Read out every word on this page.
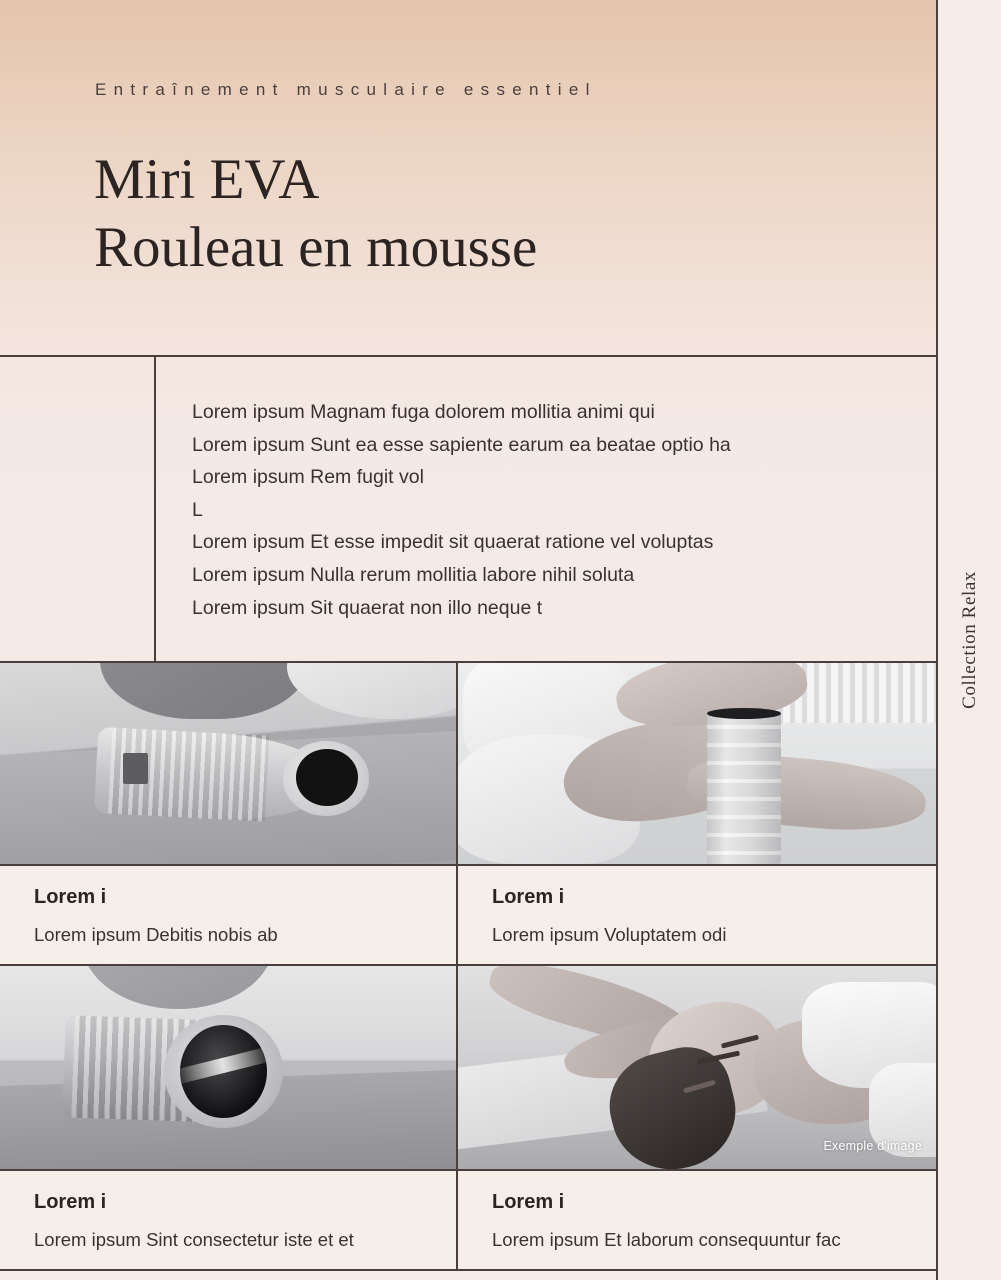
Entraînement musculaire essentiel
Miri EVA
Rouleau en mousse

Lorem ipsum Magnam fuga dolorem mollitia animi qui

Lorem ipsum Sunt ea esse sapiente earum ea beatae optio ha

Lorem ipsum Rem fugit vol

L

Lorem ipsum Et esse impedit sit quaerat ratione vel voluptas

Lorem ipsum Nulla rerum mollitia labore nihil soluta

Lorem ipsum Sit quaerat non illo neque t

Lorem i
Lorem ipsum Debitis nobis ab
Lorem i
Lorem ipsum Voluptatem odi
Lorem i
Lorem ipsum Sint consectetur iste et et
Exemple d'image
Lorem i
Lorem ipsum Et laborum consequuntur fac
Collection Relax
